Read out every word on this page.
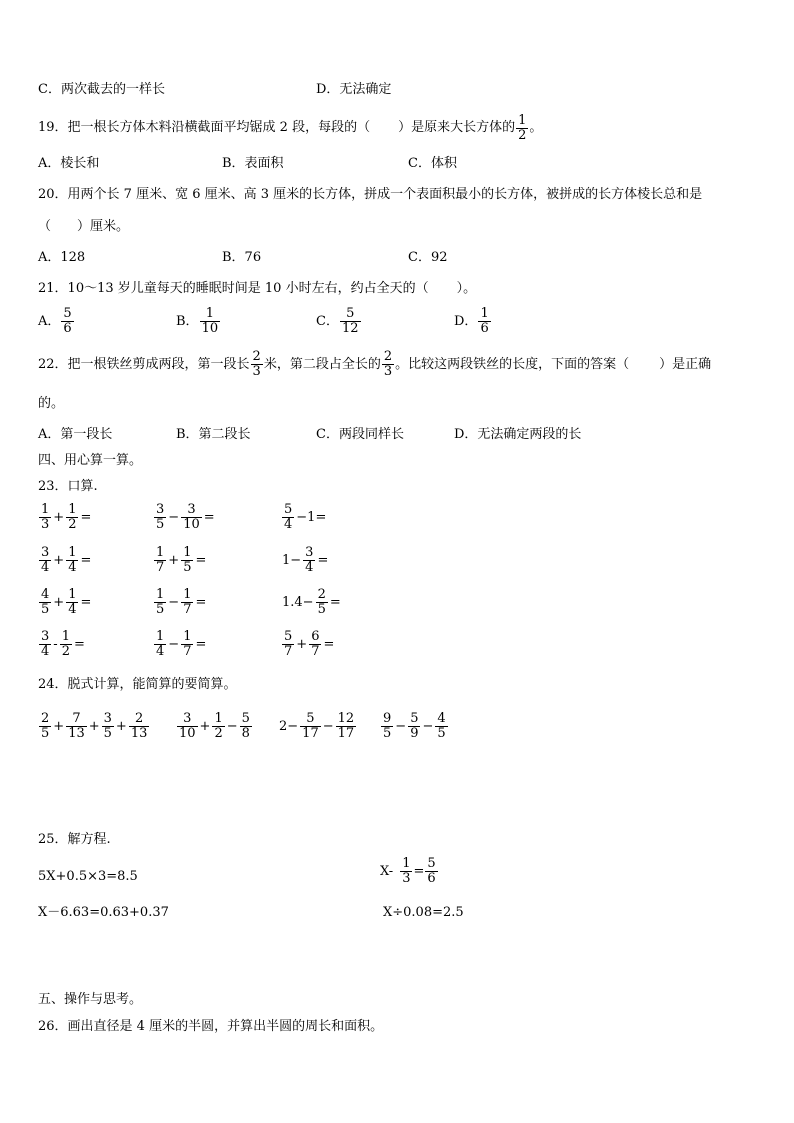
C．两次截去的一样长	D．无法确定
19．把一根长方体木料沿横截面平均锯成 2 段，每段的（ ）是原来大长方体的 $\frac{1}{2}$ 。
A．棱长和	B．表面积	C．体积
20．用两个长 7 厘米、宽 6 厘米、高 3 厘米的长方体，拼成一个表面积最小的长方体，被拼成的长方体棱长总和是
（ ）厘米。
A．128	B．76	C．92
21．10～13 岁儿童每天的睡眠时间是 10 小时左右，约占全天的（ ）。
A． $\frac{5}{6}$	B． $\frac{1}{10}$	C． $\frac{5}{12}$	D． $\frac{1}{6}$
22．把一根铁丝剪成两段，第一段长 $\frac{2}{3}$ 米，第二段占全长的 $\frac{2}{3}$ 。比较这两段铁丝的长度，下面的答案（ ）是正确
的。
A．第一段长	B．第二段长	C．两段同样长	D．无法确定两段的长
四、用心算一算。
23．口算.
$\frac{1}{3} + \frac{1}{2}$ =	$\frac{3}{5} - \frac{3}{10}$ =	$\frac{5}{4} -1=$
$\frac{3}{4} + \frac{1}{4}$ =	$\frac{1}{7} + \frac{1}{5}$ =	$1- \frac{3}{4}$ =
$\frac{4}{5} + \frac{1}{4}$ =	$\frac{1}{5} - \frac{1}{7}$ =	$1.4- \frac{2}{5}$ =
$\frac{3}{4} - \frac{1}{2}$ =	$\frac{1}{4} - \frac{1}{7}$ =	$\frac{5}{7} + \frac{6}{7}$ =
24．脱式计算，能简算的要简算。
$\frac{2}{5} + \frac{7}{13} + \frac{3}{5} + \frac{2}{13} \frac{3}{10} + \frac{1}{2} - \frac{5}{8} 2- \frac{5}{17} - \frac{12}{17} \frac{9}{5} - \frac{5}{9} - \frac{4}{5}$
25．解方程.
5X+0.5×3=8.5	$X- \frac{1}{3} = \frac{5}{6}$
X－6.63=0.63+0.37	X÷0.08=2.5
五、操作与思考。
26．画出直径是 4 厘米的半圆，并算出半圆的周长和面积。
